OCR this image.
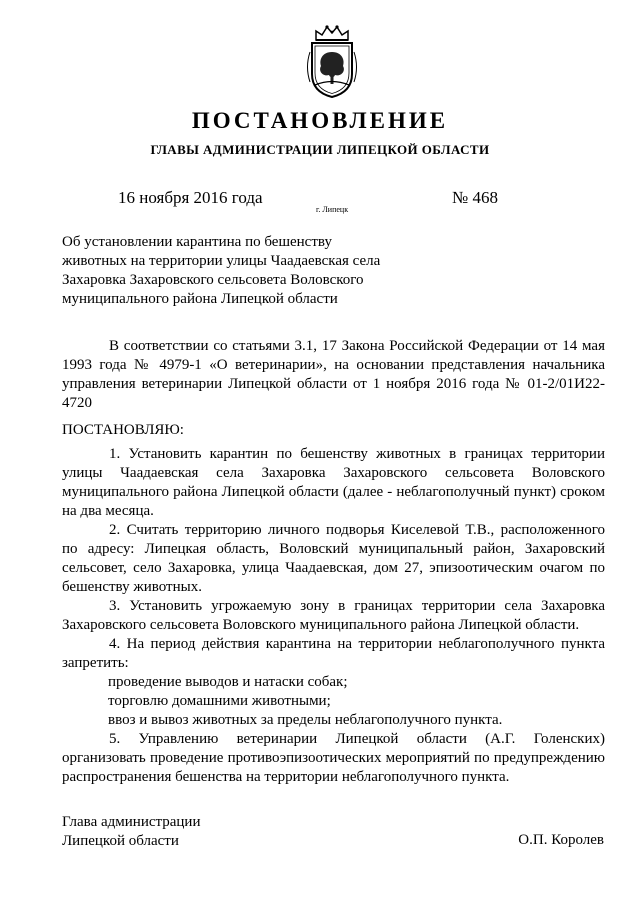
ПОСТАНОВЛЕНИЕ
ГЛАВЫ АДМИНИСТРАЦИИ ЛИПЕЦКОЙ ОБЛАСТИ
16 ноября 2016 года
г. Липецк
№ 468
Об установлении карантина по бешенству
животных на территории улицы Чаадаевская села
Захаровка Захаровского сельсовета Воловского
муниципального района Липецкой области

В соответствии со статьями 3.1, 17 Закона Российской Федерации от 14 мая 1993 года № 4979-1 «О ветеринарии», на основании представления начальника управления ветеринарии Липецкой области от 1 ноября 2016 года № 01-2/01И22-4720

ПОСТАНОВЛЯЮ:

1. Установить карантин по бешенству животных в границах территории улицы Чаадаевская села Захаровка Захаровского сельсовета Воловского муниципального района Липецкой области (далее - неблагополучный пункт) сроком на два месяца.

2. Считать территорию личного подворья Киселевой Т.В., расположенного по адресу: Липецкая область, Воловский муниципальный район, Захаровский сельсовет, село Захаровка, улица Чаадаевская, дом 27, эпизоотическим очагом по бешенству животных.

3. Установить угрожаемую зону в границах территории села Захаровка Захаровского сельсовета Воловского муниципального района Липецкой области.

4. На период действия карантина на территории неблагополучного пункта запретить:

проведение выводов и натаски собак;

торговлю домашними животными;

ввоз и вывоз животных за пределы неблагополучного пункта.

5. Управлению ветеринарии Липецкой области (А.Г. Голенских) организовать проведение противоэпизоотических мероприятий по предупреждению распространения бешенства на территории неблагополучного пункта.

Глава администрации
Липецкой области	О.П. Королев
